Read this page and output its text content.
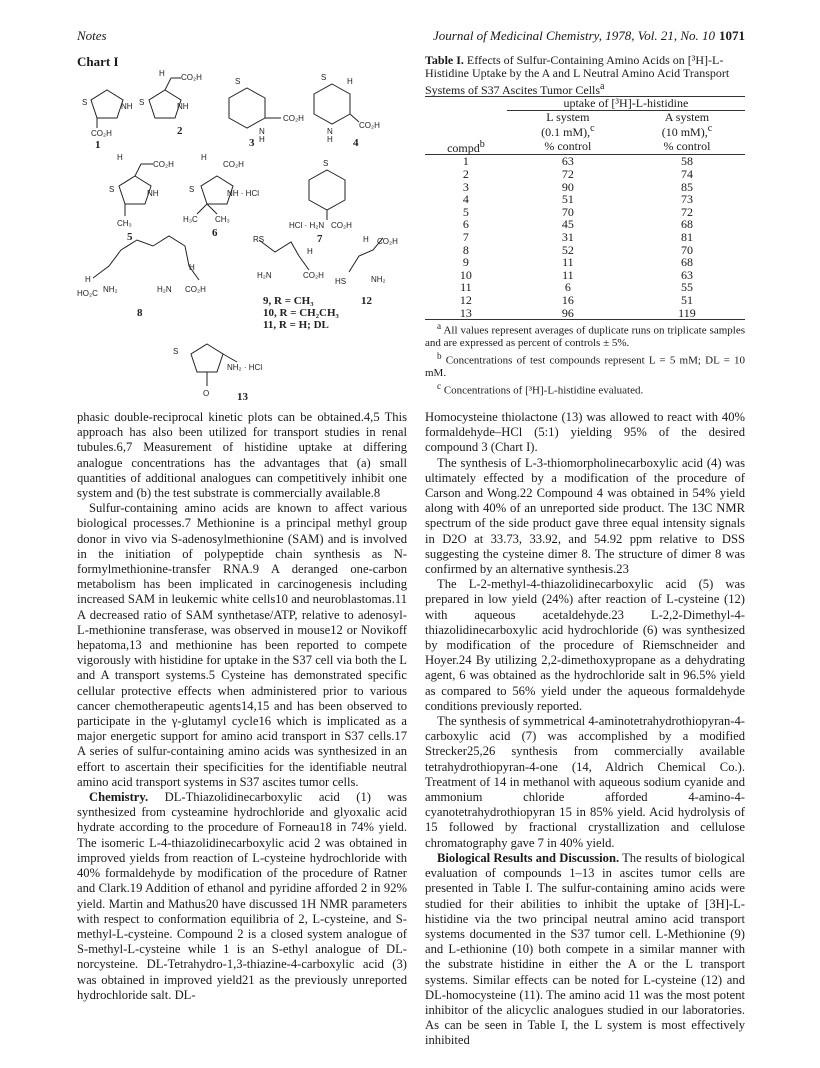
Notes	Journal of Medicinal Chemistry, 1978, Vol. 21, No. 10 1071
Chart I
S	NH
CO₂H
S	NH
H CO₂H	S
N
H
CO₂H
S	H
N
H
CO₂H
H
CO₂H
S	NH
CH₃
H
CO₂H
S	NH · HCl
H₃C CH₃
S
HCl · H₂N CO₂H
RS
H
H₂N	CO₂H
H CO₂H
HS	NH₂
H
HO₂C NH₂	H₂N CO₂H
H
S
NH₂ · HCl
O
1
2
3	4
5	6	7
8
9, R = CH₃
10, R = CH₂CH₃
11, R = H; DL
12
13
Table I. Effects of Sulfur-Containing Amino Acids on [³H]-L-Histidine Uptake by the A and L Neutral Amino Acid Transport Systems of S37 Ascites Tumor Cells$^a$
	uptake of [³H]-L-histidine	
	L system	A system
	(0.1 mM),$^c$	(10 mM),$^c$
compd$^b$	% control	% control
1	63	58
2	72	74
3	90	85
4	51	73
5	70	72
6	45	68
7	31	81
8	52	70
9	11	68
10	11	63
11	6	55
12	16	51
13	96	119

$^a$ All values represent averages of duplicate runs on triplicate samples and are expressed as percent of controls ± 5%.

$^b$ Concentrations of test compounds represent L = 5 mM; DL = 10 mM.

$^c$ Concentrations of [³H]-L-histidine evaluated.

phasic double-reciprocal kinetic plots can be obtained.4,5 This approach has also been utilized for transport studies in renal tubules.6,7 Measurement of histidine uptake at differing analogue concentrations has the advantages that (a) small quantities of additional analogues can competitively inhibit one system and (b) the test substrate is commercially available.8

Sulfur-containing amino acids are known to affect various biological processes.7 Methionine is a principal methyl group donor in vivo via S-adenosylmethionine (SAM) and is involved in the initiation of polypeptide chain synthesis as N-formylmethionine-transfer RNA.9 A deranged one-carbon metabolism has been implicated in carcinogenesis including increased SAM in leukemic white cells10 and neuroblastomas.11 A decreased ratio of SAM synthetase/ATP, relative to adenosyl-L-methionine transferase, was observed in mouse12 or Novikoff hepatoma,13 and methionine has been reported to compete vigorously with histidine for uptake in the S37 cell via both the L and A transport systems.5 Cysteine has demonstrated specific cellular protective effects when administered prior to various cancer chemotherapeutic agents14,15 and has been observed to participate in the γ-glutamyl cycle16 which is implicated as a major energetic support for amino acid transport in S37 cells.17 A series of sulfur-containing amino acids was synthesized in an effort to ascertain their specificities for the identifiable neutral amino acid transport systems in S37 ascites tumor cells.

Chemistry. DL-Thiazolidinecarboxylic acid (1) was synthesized from cysteamine hydrochloride and glyoxalic acid hydrate according to the procedure of Forneau18 in 74% yield. The isomeric L-4-thiazolidinecarboxylic acid 2 was obtained in improved yields from reaction of L-cysteine hydrochloride with 40% formaldehyde by modification of the procedure of Ratner and Clark.19 Addition of ethanol and pyridine afforded 2 in 92% yield. Martin and Mathus20 have discussed 1H NMR parameters with respect to conformation equilibria of 2, L-cysteine, and S-methyl-L-cysteine. Compound 2 is a closed system analogue of S-methyl-L-cysteine while 1 is an S-ethyl analogue of DL-norcysteine. DL-Tetrahydro-1,3-thiazine-4-carboxylic acid (3) was obtained in improved yield21 as the previously unreported hydrochloride salt. DL-

Homocysteine thiolactone (13) was allowed to react with 40% formaldehyde–HCl (5:1) yielding 95% of the desired compound 3 (Chart I).

The synthesis of L-3-thiomorpholinecarboxylic acid (4) was ultimately effected by a modification of the procedure of Carson and Wong.22 Compound 4 was obtained in 54% yield along with 40% of an unreported side product. The 13C NMR spectrum of the side product gave three equal intensity signals in D2O at 33.73, 33.92, and 54.92 ppm relative to DSS suggesting the cysteine dimer 8. The structure of dimer 8 was confirmed by an alternative synthesis.23

The L-2-methyl-4-thiazolidinecarboxylic acid (5) was prepared in low yield (24%) after reaction of L-cysteine (12) with aqueous acetaldehyde.23 L-2,2-Dimethyl-4-thiazolidinecarboxylic acid hydrochloride (6) was synthesized by modification of the procedure of Riemschneider and Hoyer.24 By utilizing 2,2-dimethoxypropane as a dehydrating agent, 6 was obtained as the hydrochloride salt in 96.5% yield as compared to 56% yield under the aqueous formaldehyde conditions previously reported.

The synthesis of symmetrical 4-aminotetrahydrothiopyran-4-carboxylic acid (7) was accomplished by a modified Strecker25,26 synthesis from commercially available tetrahydrothiopyran-4-one (14, Aldrich Chemical Co.). Treatment of 14 in methanol with aqueous sodium cyanide and ammonium chloride afforded 4-amino-4-cyanotetrahydrothiopyran 15 in 85% yield. Acid hydrolysis of 15 followed by fractional crystallization and cellulose chromatography gave 7 in 40% yield.

Biological Results and Discussion. The results of biological evaluation of compounds 1–13 in ascites tumor cells are presented in Table I. The sulfur-containing amino acids were studied for their abilities to inhibit the uptake of [3H]-L-histidine via the two principal neutral amino acid transport systems documented in the S37 tumor cell. L-Methionine (9) and L-ethionine (10) both compete in a similar manner with the substrate histidine in either the A or the L transport systems. Similar effects can be noted for L-cysteine (12) and DL-homocysteine (11). The amino acid 11 was the most potent inhibitor of the alicyclic analogues studied in our laboratories. As can be seen in Table I, the L system is most effectively inhibited
